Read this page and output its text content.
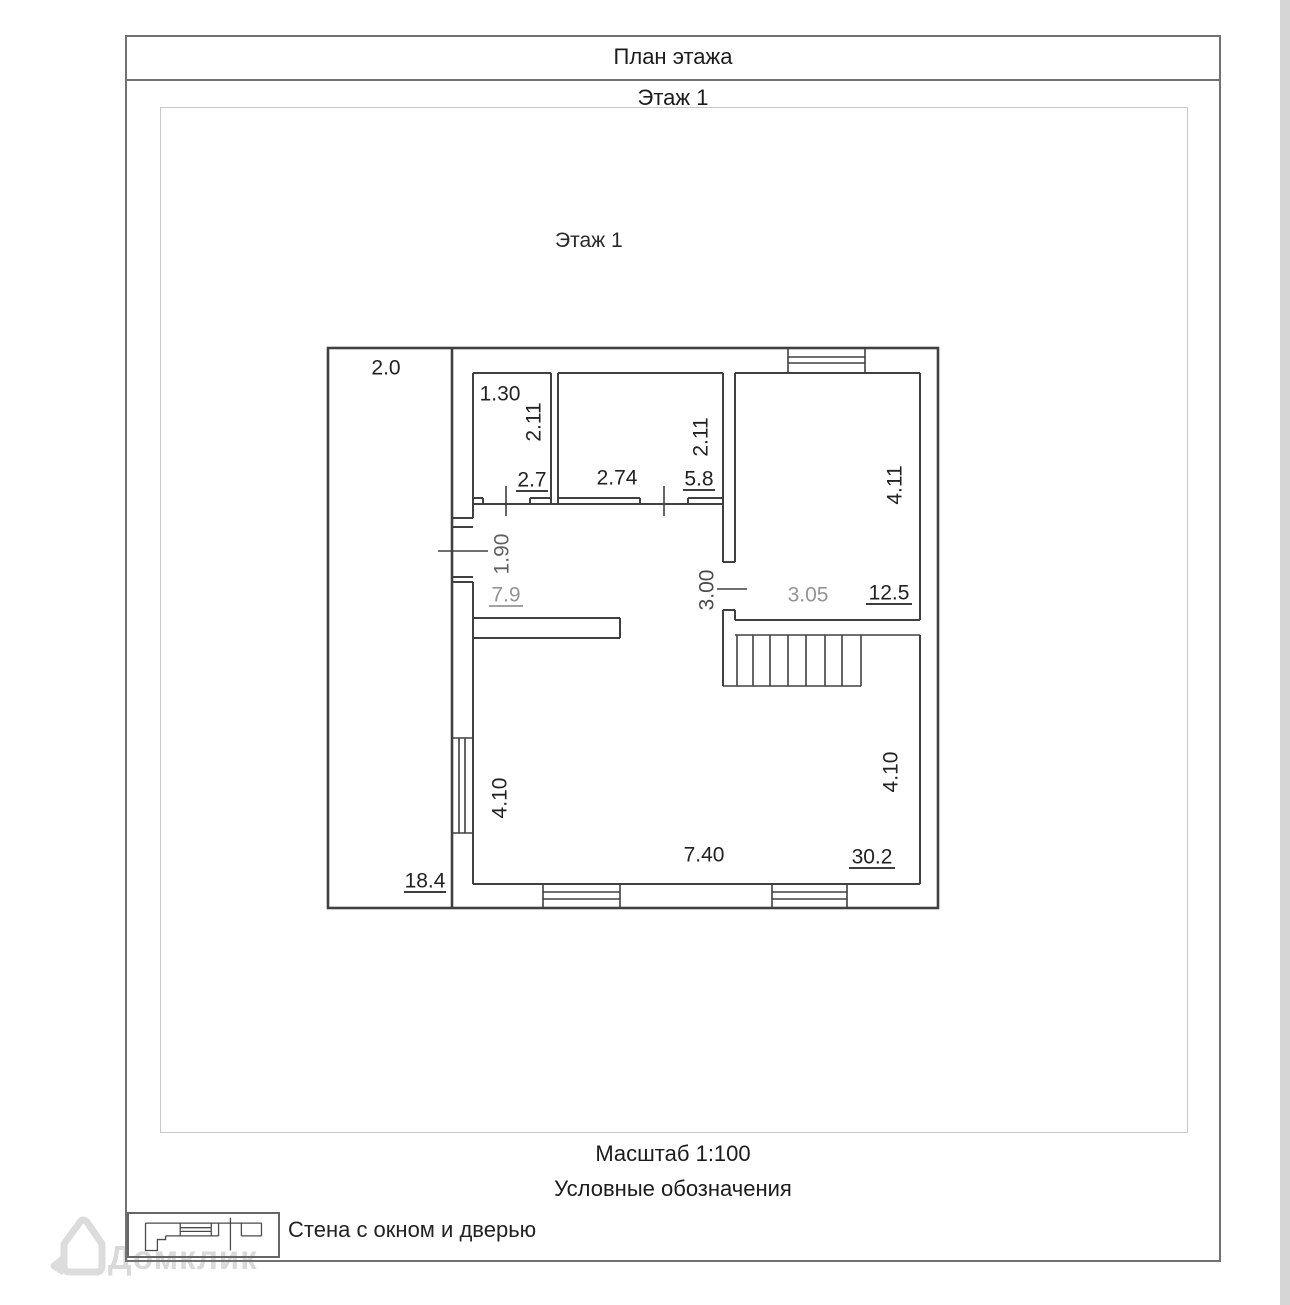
Домклик
План этажа
Этаж 1
Этаж 1
2.0
1.30
2.11
2.7 2.74
2.11
5.8	4.11
1.90
7.9	3.00	3.05 12.5
4.10
4.10
7.40	30.2
18.4
Масштаб 1:100
Условные обозначения
Стена с окном и дверью
